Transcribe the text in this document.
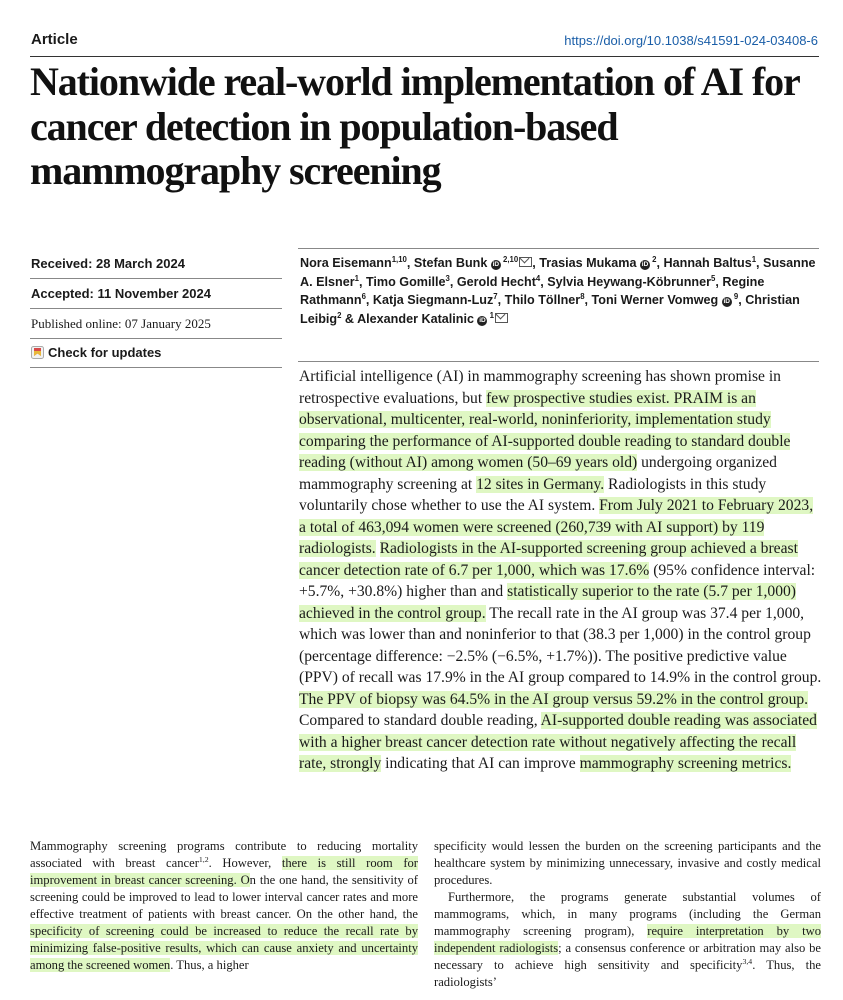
Article	https://doi.org/10.1038/s41591-024-03408-6
Nationwide real-world implementation of AI for cancer detection in population-based mammography screening
Received: 28 March 2024
Accepted: 11 November 2024
Published online: 07 January 2025
Check for updates
Nora Eisemann$^{1,10}$, Stefan Bunk iD $^{2,10}$ , Trasias Mukama iD $^2$, Hannah Baltus$^1$, Susanne A. Elsner$^1$, Timo Gomille$^3$, Gerold Hecht$^4$, Sylvia Heywang-Köbrunner$^5$, Regine Rathmann$^6$, Katja Siegmann-Luz$^7$, Thilo Töllner$^8$, Toni Werner Vomweg iD $^9$, Christian Leibig$^2$ & Alexander Katalinic iD $^1$

Artificial intelligence (AI) in mammography screening has shown promise in retrospective evaluations, but few prospective studies exist. PRAIM is an observational, multicenter, real-world, noninferiority, implementation study comparing the performance of AI-supported double reading to standard double reading (without AI) among women (50–69 years old) undergoing organized mammography screening at 12 sites in Germany. Radiologists in this study voluntarily chose whether to use the AI system. From July 2021 to February 2023, a total of 463,094 women were screened (260,739 with AI support) by 119 radiologists. Radiologists in the AI-supported screening group achieved a breast cancer detection rate of 6.7 per 1,000, which was 17.6% (95% confidence interval: +5.7%, +30.8%) higher than and statistically superior to the rate (5.7 per 1,000) achieved in the control group. The recall rate in the AI group was 37.4 per 1,000, which was lower than and noninferior to that (38.3 per 1,000) in the control group (percentage difference: −2.5% (−6.5%, +1.7%)). The positive predictive value (PPV) of recall was 17.9% in the AI group compared to 14.9% in the control group. The PPV of biopsy was 64.5% in the AI group versus 59.2% in the control group. Compared to standard double reading, AI-supported double reading was associated with a higher breast cancer detection rate without negatively affecting the recall rate, strongly indicating that AI can improve mammography screening metrics.

Mammography screening programs contribute to reducing mortality associated with breast cancer$^{1,2}$. However, there is still room for improvement in breast cancer screening. On the one hand, the sensitivity of screening could be improved to lead to lower interval cancer rates and more effective treatment of patients with breast cancer. On the other hand, the specificity of screening could be increased to reduce the recall rate by minimizing false-positive results, which can cause anxiety and uncertainty among the screened women. Thus, a higher

specificity would lessen the burden on the screening participants and the healthcare system by minimizing unnecessary, invasive and costly medical procedures.

Furthermore, the programs generate substantial volumes of mammograms, which, in many programs (including the German mammography screening program), require interpretation by two independent radiologists; a consensus conference or arbitration may also be necessary to achieve high sensitivity and specificity$^{3,4}$. Thus, the radiologists’
